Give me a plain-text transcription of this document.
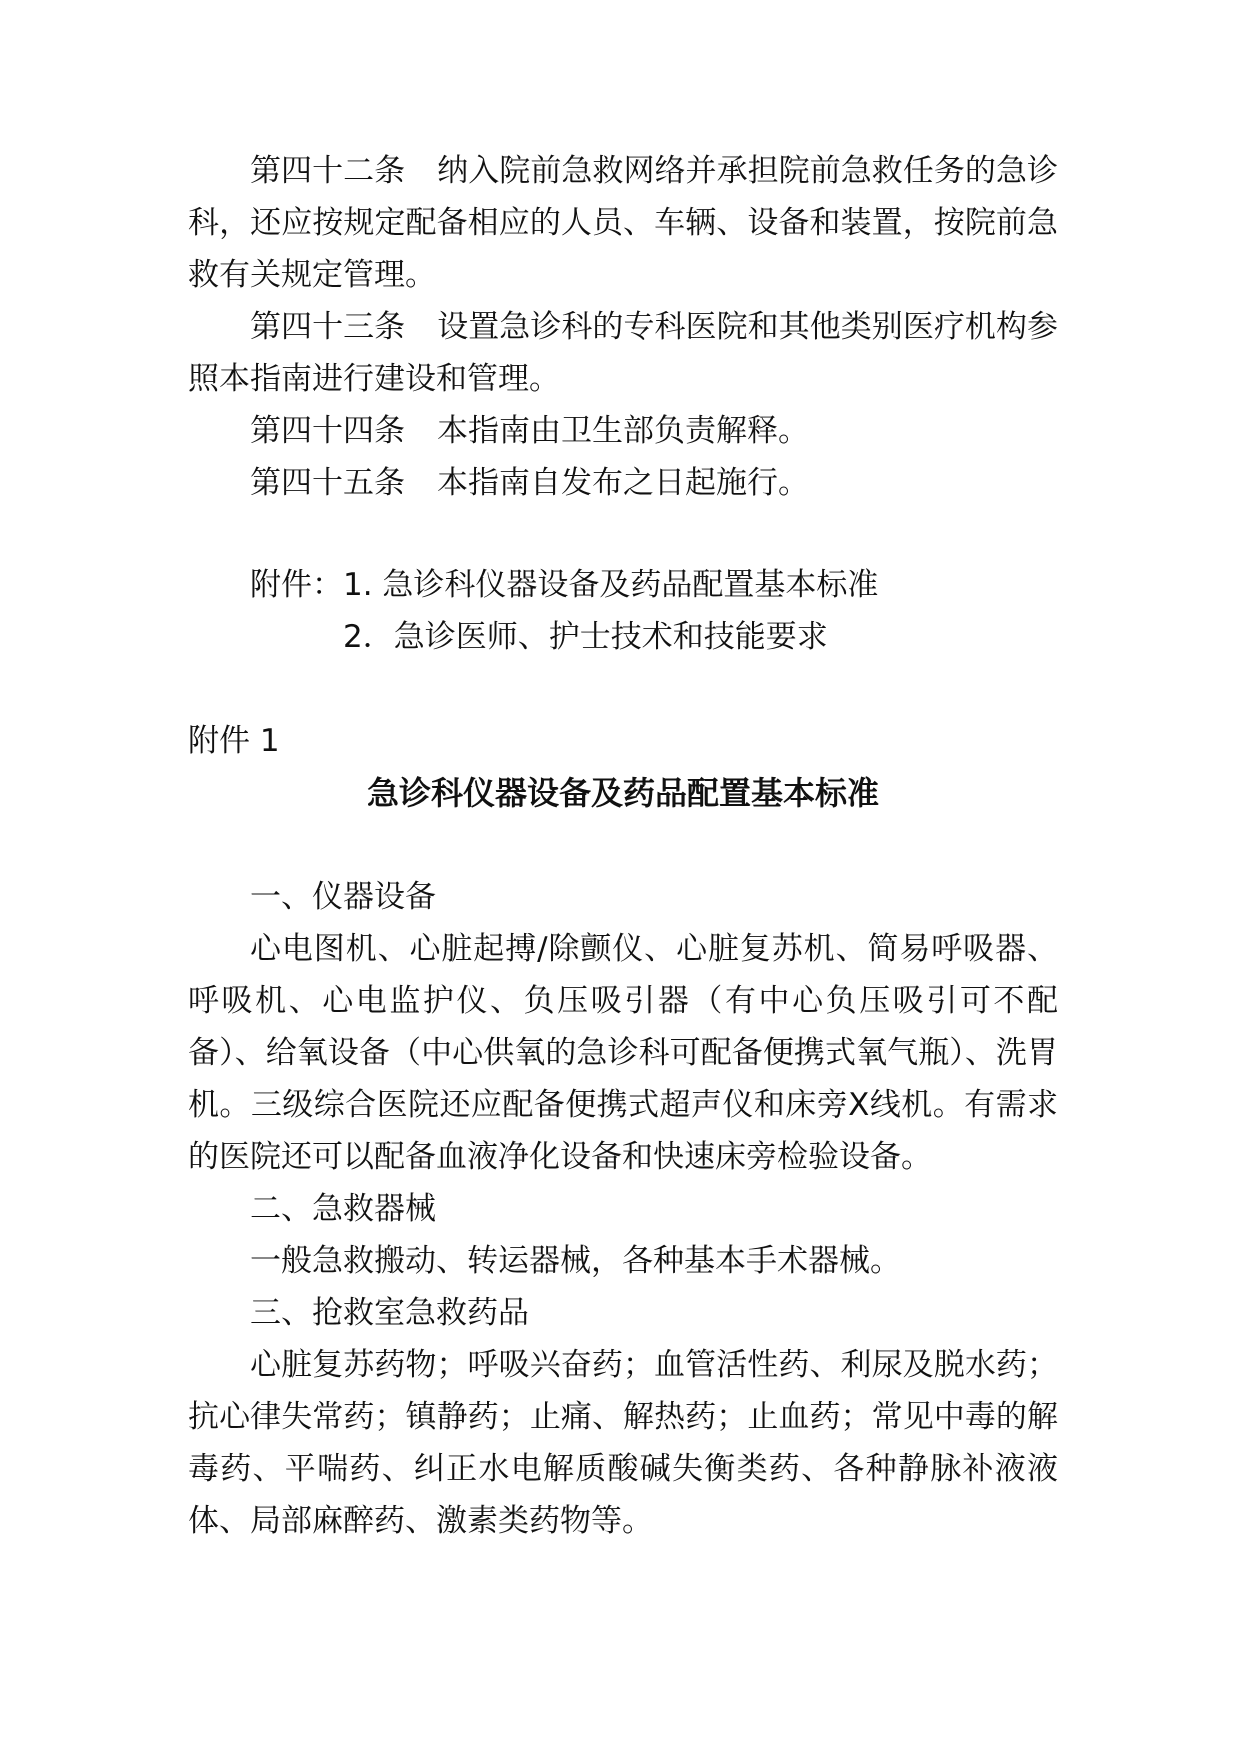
第四十二条 纳入院前急救网络并承担院前急救任务的急诊科，还应按规定配备相应的人员、车辆、设备和装置，按院前急救有关规定管理。

第四十三条 设置急诊科的专科医院和其他类别医疗机构参照本指南进行建设和管理。

第四十四条 本指南由卫生部负责解释。

第四十五条 本指南自发布之日起施行。

附件：1. 急诊科仪器设备及药品配置基本标准

2．急诊医师、护士技术和技能要求

附件 1

急诊科仪器设备及药品配置基本标准

一、仪器设备

心电图机、心脏起搏/除颤仪、心脏复苏机、简易呼吸器、呼吸机、心电监护仪、负压吸引器（有中心负压吸引可不配备）、给氧设备（中心供氧的急诊科可配备便携式氧气瓶）、洗胃机。三级综合医院还应配备便携式超声仪和床旁X线机。有需求的医院还可以配备血液净化设备和快速床旁检验设备。

二、急救器械

一般急救搬动、转运器械，各种基本手术器械。

三、抢救室急救药品

心脏复苏药物；呼吸兴奋药；血管活性药、利尿及脱水药；抗心律失常药；镇静药；止痛、解热药；止血药；常见中毒的解毒药、平喘药、纠正水电解质酸碱失衡类药、各种静脉补液液体、局部麻醉药、激素类药物等。
